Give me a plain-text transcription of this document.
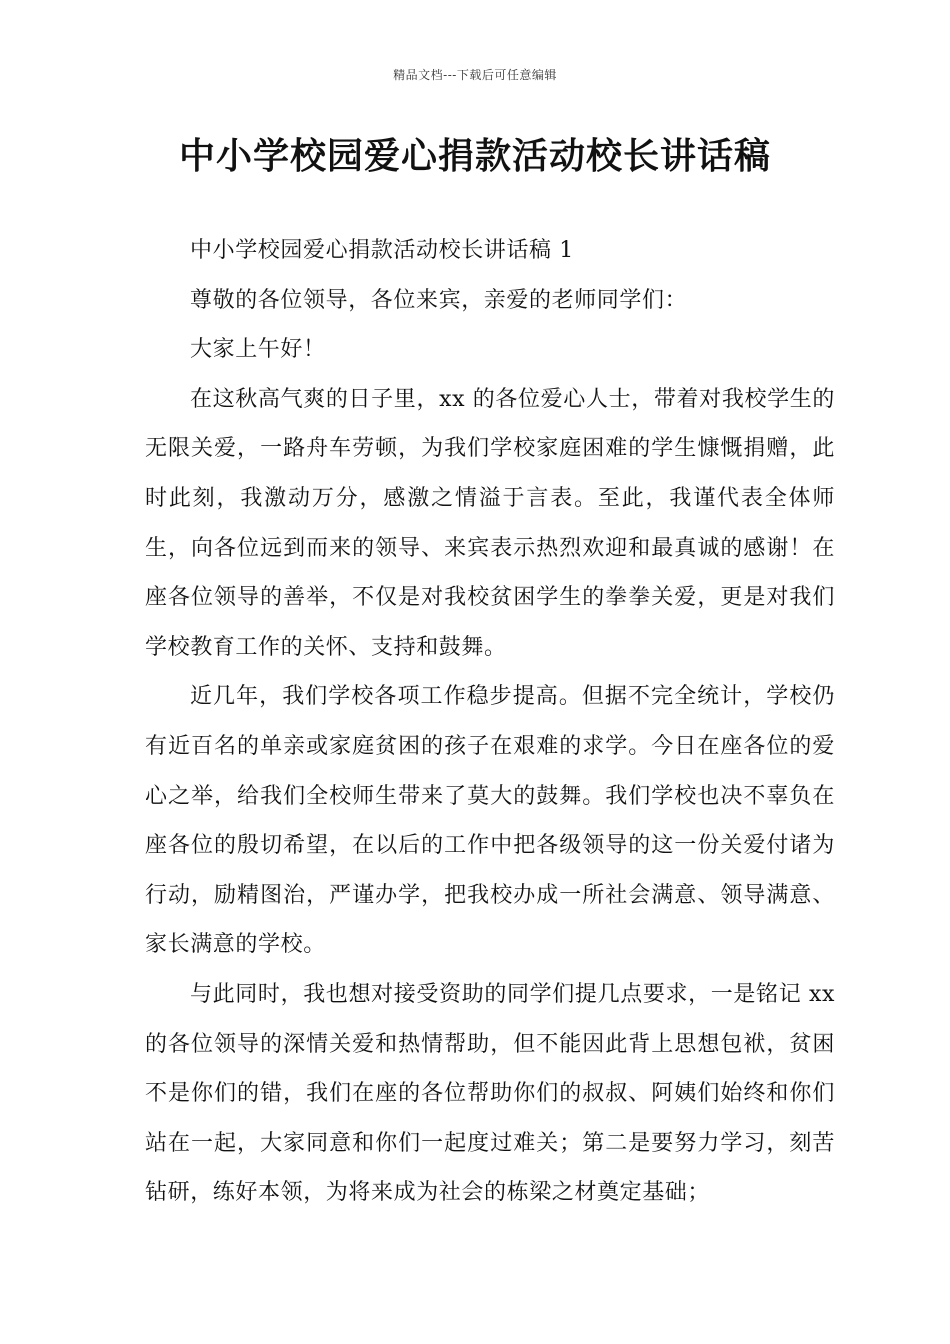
精品文档---下载后可任意编辑
中小学校园爱心捐款活动校长讲话稿

中小学校园爱心捐款活动校长讲话稿 1

尊敬的各位领导，各位来宾，亲爱的老师同学们：

大家上午好！

在这秋高气爽的日子里，xx 的各位爱心人士，带着对我校学生的无限关爱，一路舟车劳顿，为我们学校家庭困难的学生慷慨捐赠，此时此刻，我激动万分，感激之情溢于言表。至此，我谨代表全体师生，向各位远到而来的领导、来宾表示热烈欢迎和最真诚的感谢！在座各位领导的善举，不仅是对我校贫困学生的拳拳关爱，更是对我们学校教育工作的关怀、支持和鼓舞。

近几年，我们学校各项工作稳步提高。但据不完全统计，学校仍有近百名的单亲或家庭贫困的孩子在艰难的求学。今日在座各位的爱心之举，给我们全校师生带来了莫大的鼓舞。我们学校也决不辜负在座各位的殷切希望，在以后的工作中把各级领导的这一份关爱付诸为行动，励精图治，严谨办学，把我校办成一所社会满意、领导满意、家长满意的学校。

与此同时，我也想对接受资助的同学们提几点要求，一是铭记 xx 的各位领导的深情关爱和热情帮助，但不能因此背上思想包袱，贫困不是你们的错，我们在座的各位帮助你们的叔叔、阿姨们始终和你们站在一起，大家同意和你们一起度过难关；第二是要努力学习，刻苦钻研，练好本领，为将来成为社会的栋梁之材奠定基础；
